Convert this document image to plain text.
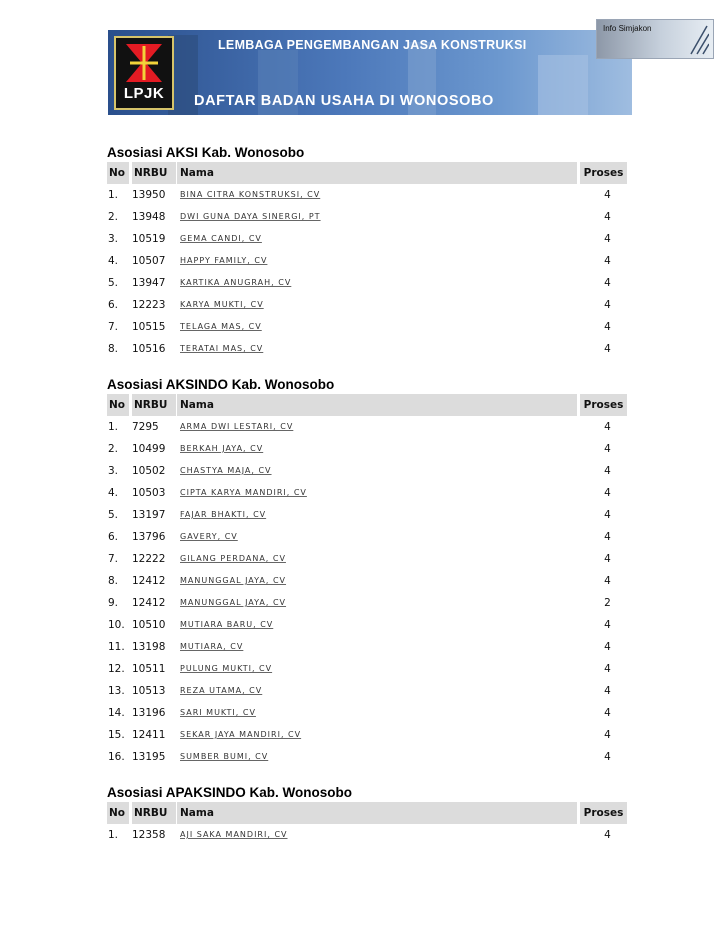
LPJK
LEMBAGA PENGEMBANGAN JASA KONSTRUKSI
DAFTAR BADAN USAHA DI WONOSOBO
Info Simjakon
Asosiasi AKSI Kab. Wonosobo
No NRBU	Nama	Proses
1.	13950	BINA CITRA KONSTRUKSI, CV	4
2.	13948	DWI GUNA DAYA SINERGI, PT	4
3.	10519	GEMA CANDI, CV	4
4.	10507	HAPPY FAMILY, CV	4
5.	13947	KARTIKA ANUGRAH, CV	4
6.	12223	KARYA MUKTI, CV	4
7.	10515	TELAGA MAS, CV	4
8.	10516	TERATAI MAS, CV	4
Asosiasi AKSINDO Kab. Wonosobo
No NRBU	Nama	Proses
1.	7295	ARMA DWI LESTARI, CV	4
2.	10499	BERKAH JAYA, CV	4
3.	10502	CHASTYA MAJA, CV	4
4.	10503	CIPTA KARYA MANDIRI, CV	4
5.	13197	FAJAR BHAKTI, CV	4
6.	13796	GAVERY, CV	4
7.	12222	GILANG PERDANA, CV	4
8.	12412	MANUNGGAL JAYA, CV	4
9.	12412	MANUNGGAL JAYA, CV	2
10. 10510	MUTIARA BARU, CV	4
11. 13198	MUTIARA, CV	4
12. 10511	PULUNG MUKTI, CV	4
13. 10513	REZA UTAMA, CV	4
14. 13196	SARI MUKTI, CV	4
15. 12411	SEKAR JAYA MANDIRI, CV	4
16. 13195	SUMBER BUMI, CV	4
Asosiasi APAKSINDO Kab. Wonosobo
No NRBU	Nama	Proses
1.	12358	AJI SAKA MANDIRI, CV	4
